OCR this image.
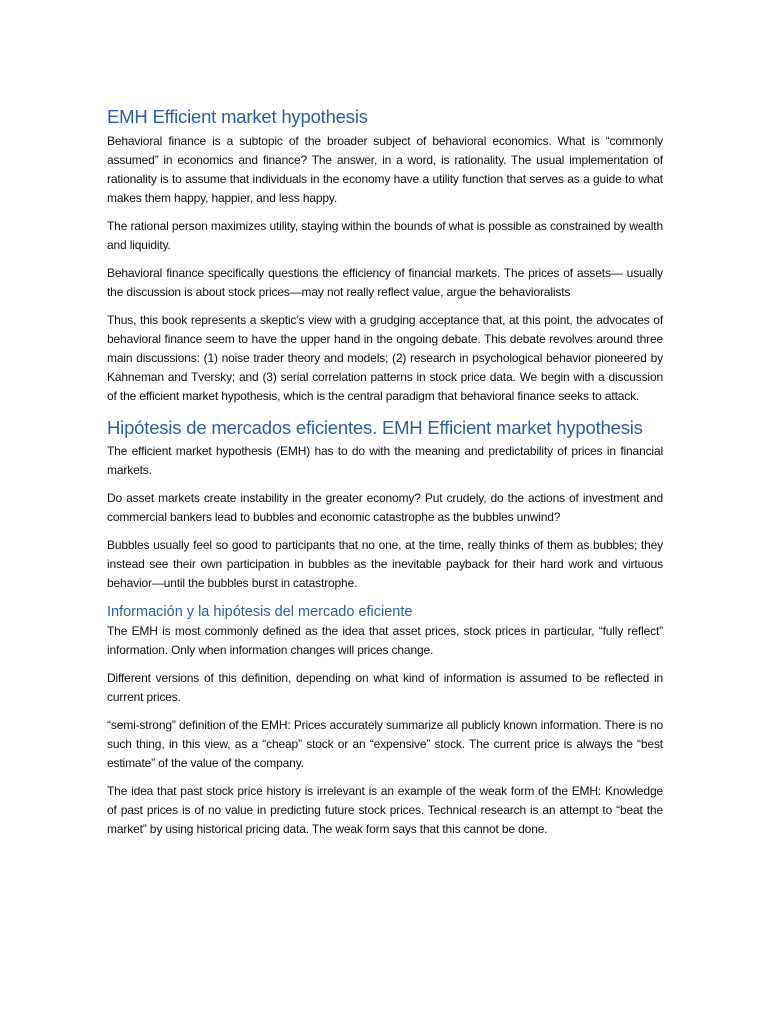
EMH Efficient market hypothesis

Behavioral finance is a subtopic of the broader subject of behavioral economics. What is “commonly assumed” in economics and finance? The answer, in a word, is rationality. The usual implementation of rationality is to assume that individuals in the economy have a utility function that serves as a guide to what makes them happy, happier, and less happy.

The rational person maximizes utility, staying within the bounds of what is possible as constrained by wealth and liquidity.

Behavioral finance specifically questions the efficiency of financial markets. The prices of assets— usually the discussion is about stock prices—may not really reflect value, argue the behavioralists

Thus, this book represents a skeptic’s view with a grudging acceptance that, at this point, the advocates of behavioral finance seem to have the upper hand in the ongoing debate. This debate revolves around three main discussions: (1) noise trader theory and models; (2) research in psychological behavior pioneered by Kahneman and Tversky; and (3) serial correlation patterns in stock price data. We begin with a discussion of the efficient market hypothesis, which is the central paradigm that behavioral finance seeks to attack.

Hipótesis de mercados eficientes. EMH Efficient market hypothesis

The efficient market hypothesis (EMH) has to do with the meaning and predictability of prices in financial markets.

Do asset markets create instability in the greater economy? Put crudely, do the actions of investment and commercial bankers lead to bubbles and economic catastrophe as the bubbles unwind?

Bubbles usually feel so good to participants that no one, at the time, really thinks of them as bubbles; they instead see their own participation in bubbles as the inevitable payback for their hard work and virtuous behavior—until the bubbles burst in catastrophe.

Información y la hipótesis del mercado eficiente

The EMH is most commonly defined as the idea that asset prices, stock prices in particular, “fully reflect” information. Only when information changes will prices change.

Different versions of this definition, depending on what kind of information is assumed to be reflected in current prices.

“semi-strong” definition of the EMH: Prices accurately summarize all publicly known information. There is no such thing, in this view, as a “cheap” stock or an “expensive” stock. The current price is always the “best estimate” of the value of the company.

The idea that past stock price history is irrelevant is an example of the weak form of the EMH: Knowledge of past prices is of no value in predicting future stock prices. Technical research is an attempt to “beat the market” by using historical pricing data. The weak form says that this cannot be done.
